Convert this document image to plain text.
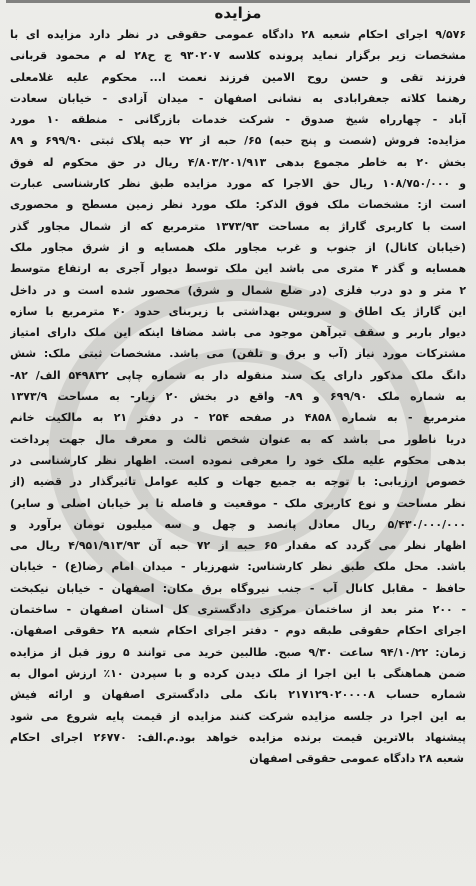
مزایده
۹/۵۷۶ اجرای احکام شعبه ۲۸ دادگاه عمومی حقوقی در نظر دارد مزایده ای با
مشخصات زیر برگزار نماید پرونده کلاسه ۹۳۰۲۰۷ ج ح۲۸ له م محمود قربانی
فرزند تقی و حسن روح الامین فرزند نعمت ا... محکوم علیه غلامعلی
رهنما کلاته جعفرابادی به نشانی اصفهان - میدان آزادی - خیابان سعادت
آباد - چهارراه شیخ صدوق - شرکت خدمات بازرگانی - منطقه ۱۰ مورد
مزایده: فروش (شصت و پنج حبه) ۶۵/ حبه از ۷۲ حبه پلاک ثبتی ۶۹۹/۹۰ و ۸۹
بخش ۲۰ به خاطر مجموع بدهی ۴/۸۰۳/۲۰۱/۹۱۳ ریال در حق محکوم له فوق
و ۱۰۸/۷۵۰/۰۰۰ ریال حق الاجرا که مورد مزایده طبق نظر کارشناسی عبارت
است از: مشخصات ملک فوق الذکر: ملک مورد نظر زمین مسطح و محصوری
است با کاربری گاراژ به مساحت ۱۳۷۳/۹۳ مترمربع که از شمال مجاور گذر
(خیابان کانال) از جنوب و غرب مجاور ملک همسایه و از شرق مجاور ملک
همسایه و گذر ۴ متری می باشد این ملک توسط دیوار آجری به ارتفاع متوسط
۲ متر و دو درب فلزی (در ضلع شمال و شرق) محصور شده است و در داخل
این گاراژ یک اطاق و سرویس بهداشتی با زیربنای حدود ۴۰ مترمربع با سازه
دیوار باربر و سقف تیرآهن موجود می باشد مضافا اینکه این ملک دارای امتیاز
مشترکات مورد نیاز (آب و برق و تلفن) می باشد. مشخصات ثبتی ملک: شش
دانگ ملک مذکور دارای یک سند منقوله دار به شماره چاپی ۵۴۹۸۳۲ الف/ ۸۲-
به شماره ملک ۶۹۹/۹۰ و ۸۹- واقع در بخش ۲۰ زیار- به مساحت ۱۳۷۳/۹
مترمربع - به شماره ۴۸۵۸ در صفحه ۲۵۴ - در دفتر ۲۱ به مالکیت خانم
دریا ناطور می باشد که به عنوان شخص ثالث و معرف مال جهت پرداخت
بدهی محکوم علیه ملک خود را معرفی نموده است. اظهار نظر کارشناسی در
خصوص ارزیابی: با توجه به جمیع جهات و کلیه عوامل تاثیرگذار در قضیه (از
نظر مساحت و نوع کاربری ملک - موقعیت و فاصله تا بر خیابان اصلی و سایر)
۵/۴۳۰/۰۰۰/۰۰۰ ریال معادل پانصد و چهل و سه میلیون تومان برآورد و
اظهار نظر می گردد که مقدار ۶۵ حبه از ۷۲ حبه آن ۴/۹۵۱/۹۱۳/۹۳ ریال می
باشد. محل ملک طبق نظر کارشناس: شهرزیار - میدان امام رضا(ع) - خیابان
حافظ - مقابل کانال آب - جنب نیروگاه برق مکان: اصفهان - خیابان نیکبخت
- ۲۰۰ متر بعد از ساختمان مرکزی دادگستری کل استان اصفهان - ساختمان
اجرای احکام حقوقی طبقه دوم - دفتر اجرای احکام شعبه ۲۸ حقوقی اصفهان.
زمان: ۹۴/۱۰/۲۲ ساعت ۹/۳۰ صبح. طالبین خرید می توانند ۵ روز قبل از مزایده
ضمن هماهنگی با این اجرا از ملک دیدن کرده و با سپردن ۱۰٪ ارزش اموال به
شماره حساب ۲۱۷۱۲۹۰۲۰۰۰۰۸ بانک ملی دادگستری اصفهان و ارائه فیش
به این اجرا در جلسه مزایده شرکت کنند مزایده از قیمت پایه شروع می شود
پیشنهاد بالاترین قیمت برنده مزایده خواهد بود.م.الف: ۲۶۷۷۰ اجرای احکام
شعبه ۲۸ دادگاه عمومی حقوقی اصفهان
